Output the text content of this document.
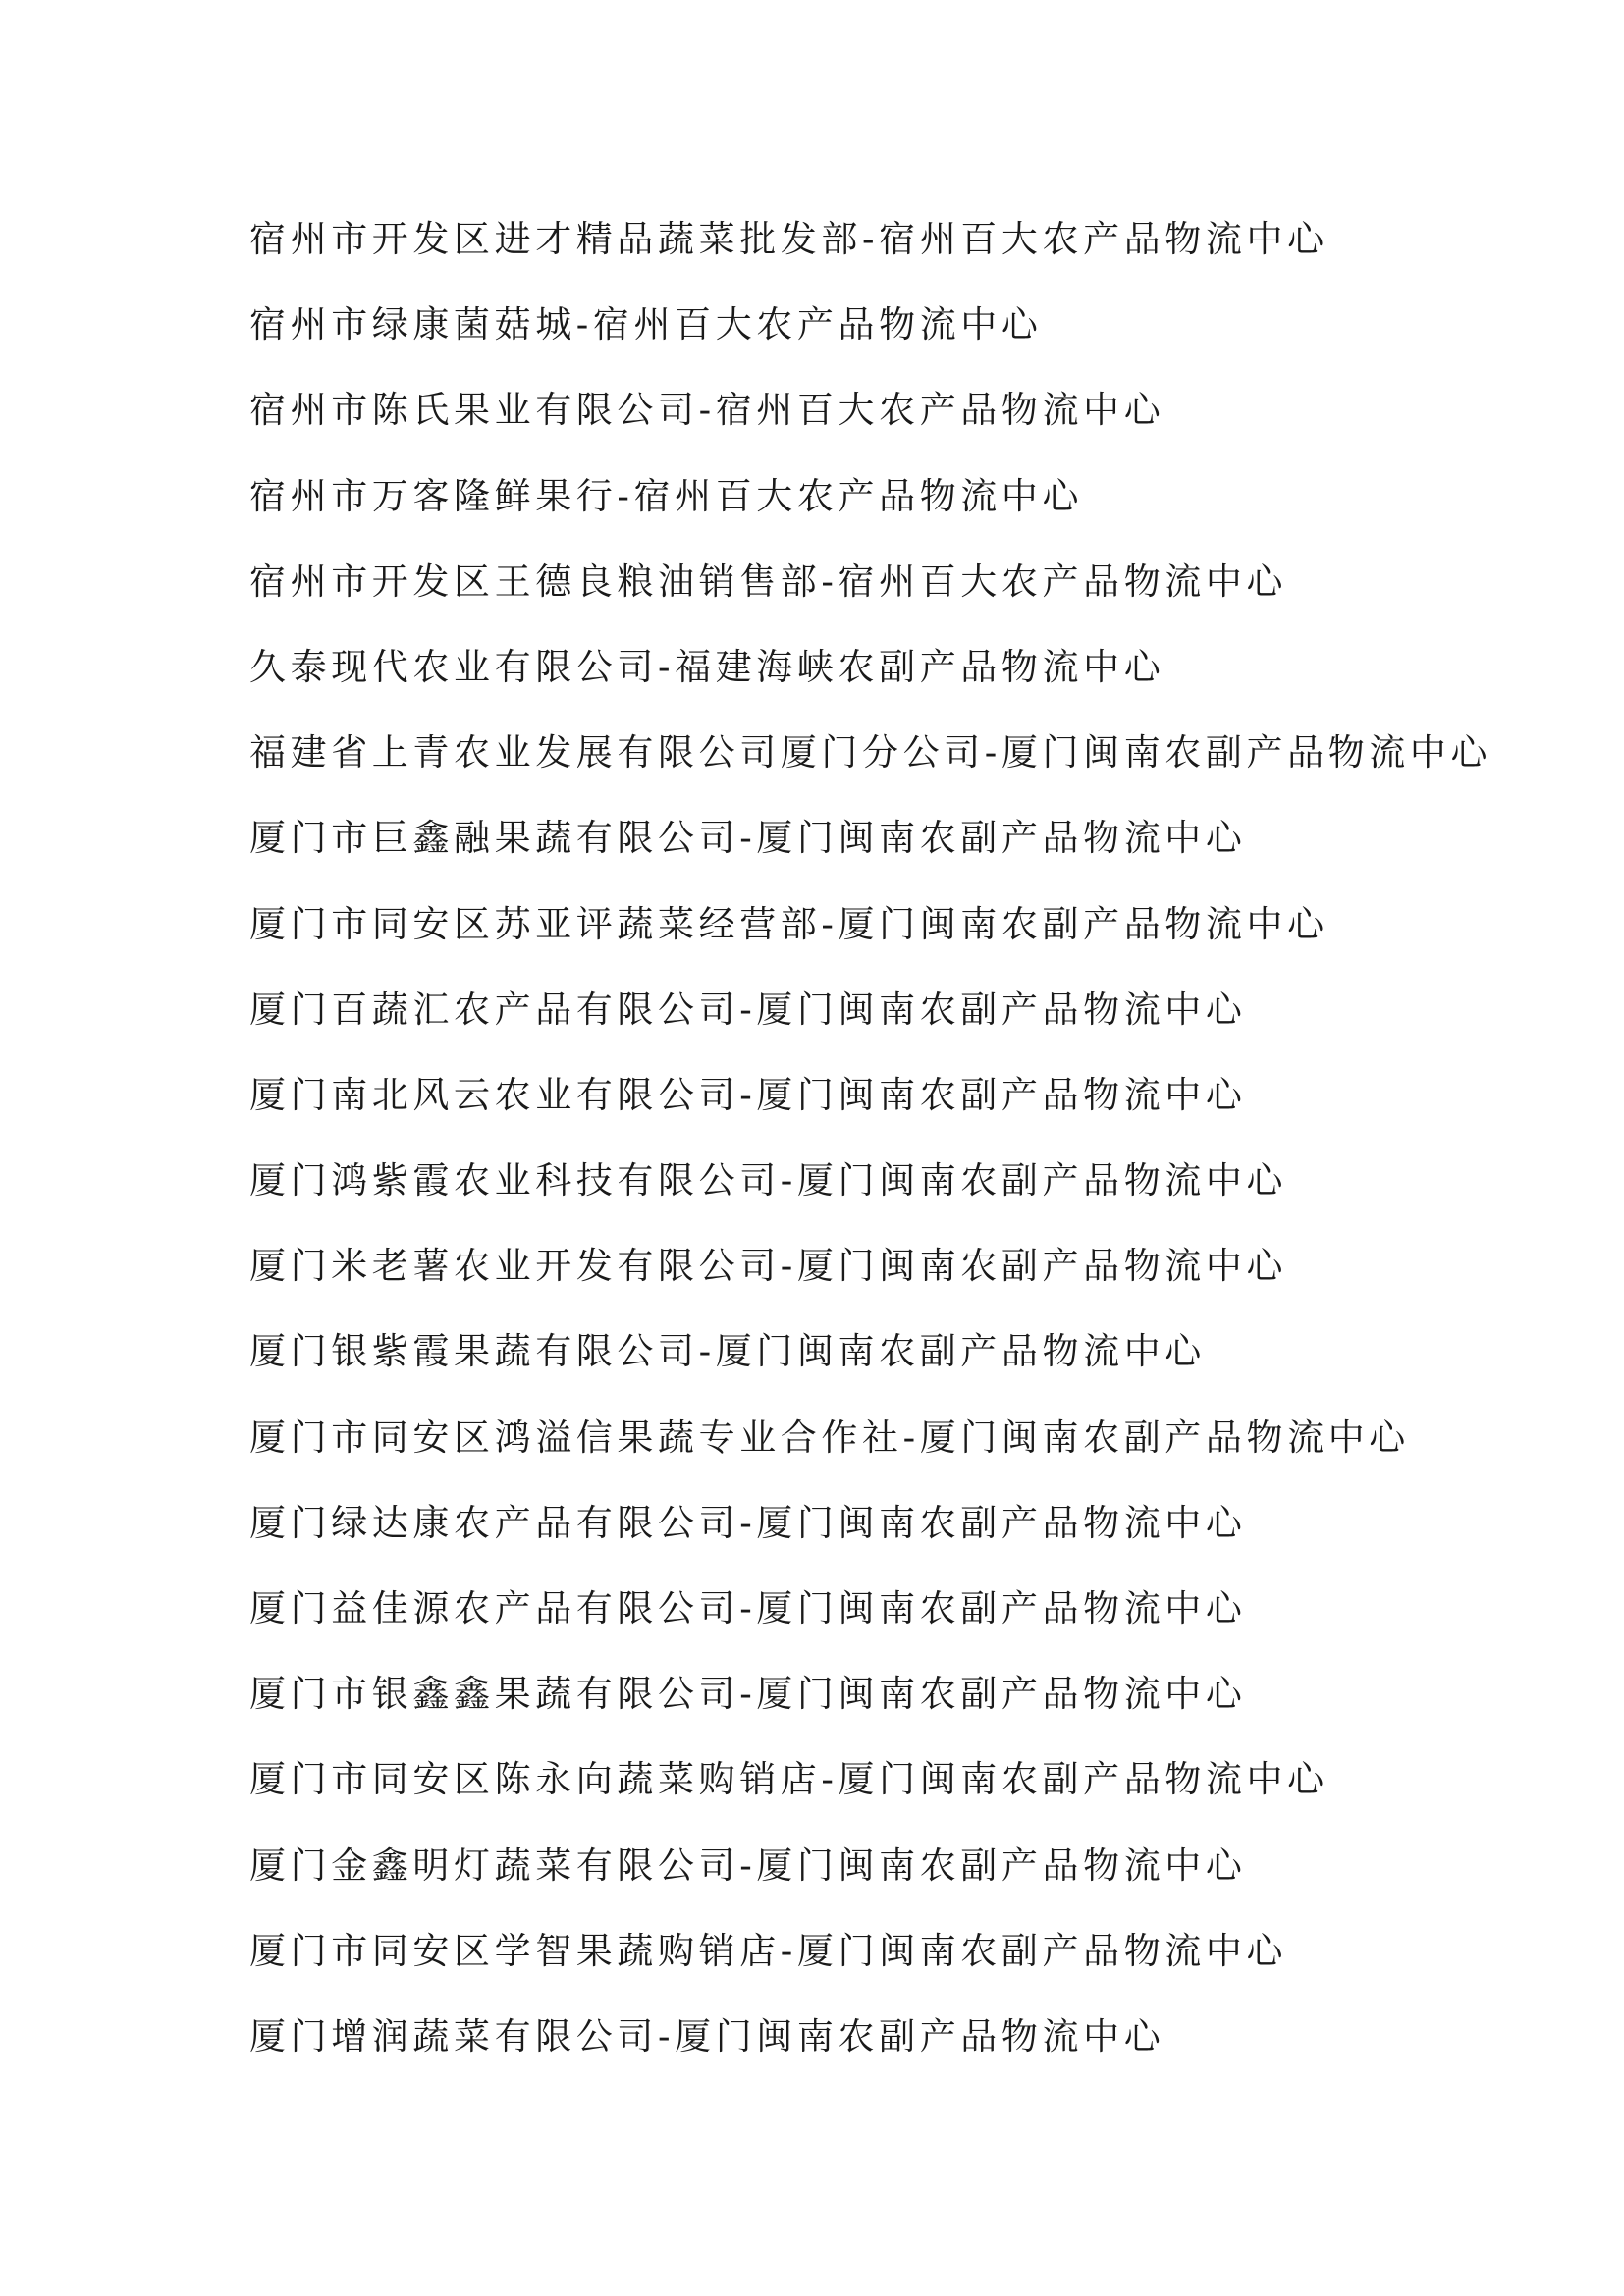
宿州市开发区进才精品蔬菜批发部-宿州百大农产品物流中心
宿州市绿康菌菇城-宿州百大农产品物流中心
宿州市陈氏果业有限公司-宿州百大农产品物流中心
宿州市万客隆鲜果行-宿州百大农产品物流中心
宿州市开发区王德良粮油销售部-宿州百大农产品物流中心
久泰现代农业有限公司-福建海峡农副产品物流中心
福建省上青农业发展有限公司厦门分公司-厦门闽南农副产品物流中心
厦门市巨鑫融果蔬有限公司-厦门闽南农副产品物流中心
厦门市同安区苏亚评蔬菜经营部-厦门闽南农副产品物流中心
厦门百蔬汇农产品有限公司-厦门闽南农副产品物流中心
厦门南北风云农业有限公司-厦门闽南农副产品物流中心
厦门鸿紫霞农业科技有限公司-厦门闽南农副产品物流中心
厦门米老薯农业开发有限公司-厦门闽南农副产品物流中心
厦门银紫霞果蔬有限公司-厦门闽南农副产品物流中心
厦门市同安区鸿溢信果蔬专业合作社-厦门闽南农副产品物流中心
厦门绿达康农产品有限公司-厦门闽南农副产品物流中心
厦门益佳源农产品有限公司-厦门闽南农副产品物流中心
厦门市银鑫鑫果蔬有限公司-厦门闽南农副产品物流中心
厦门市同安区陈永向蔬菜购销店-厦门闽南农副产品物流中心
厦门金鑫明灯蔬菜有限公司-厦门闽南农副产品物流中心
厦门市同安区学智果蔬购销店-厦门闽南农副产品物流中心
厦门增润蔬菜有限公司-厦门闽南农副产品物流中心
